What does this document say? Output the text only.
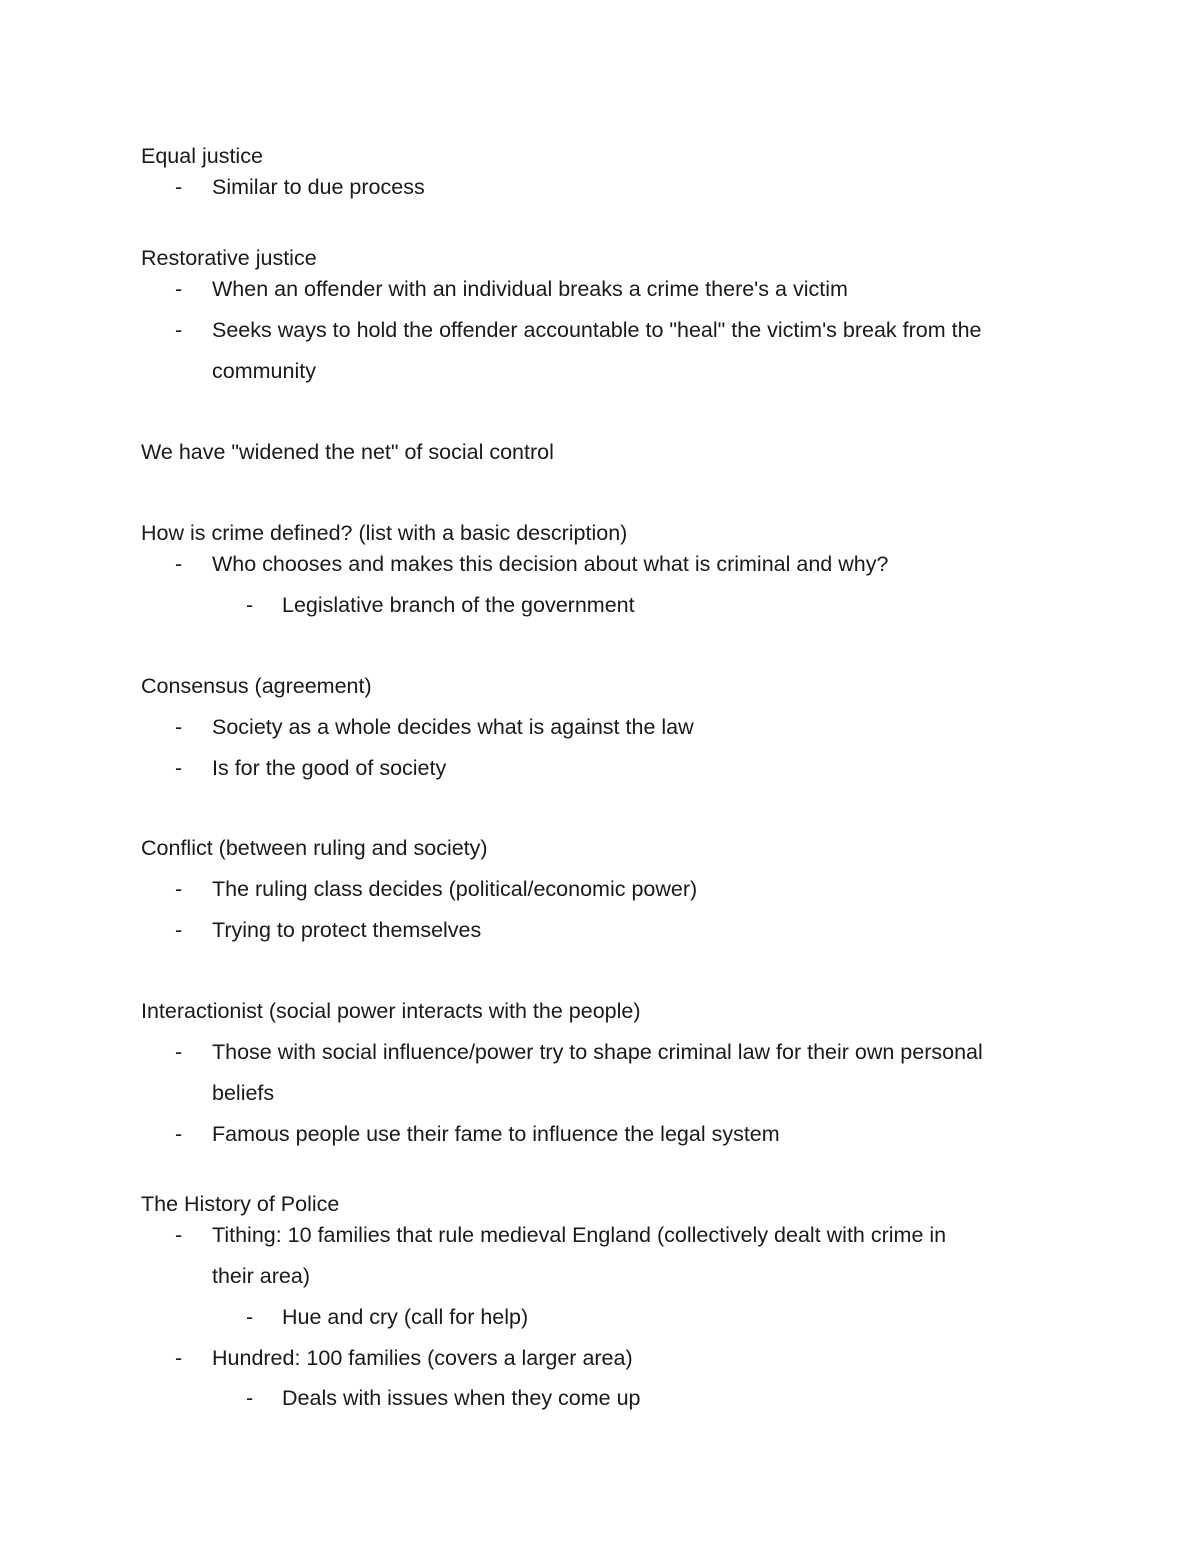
Equal justice
- Similar to due process
Restorative justice
- When an offender with an individual breaks a crime there's a victim
- Seeks ways to hold the offender accountable to "heal" the victim's break from the
community
We have "widened the net" of social control
How is crime defined? (list with a basic description)
- Who chooses and makes this decision about what is criminal and why?
- Legislative branch of the government
Consensus (agreement)
- Society as a whole decides what is against the law
- Is for the good of society
Conflict (between ruling and society)
- The ruling class decides (political/economic power)
- Trying to protect themselves
Interactionist (social power interacts with the people)
- Those with social influence/power try to shape criminal law for their own personal
beliefs
- Famous people use their fame to influence the legal system
The History of Police
- Tithing: 10 families that rule medieval England (collectively dealt with crime in
their area)
- Hue and cry (call for help)
- Hundred: 100 families (covers a larger area)
- Deals with issues when they come up
